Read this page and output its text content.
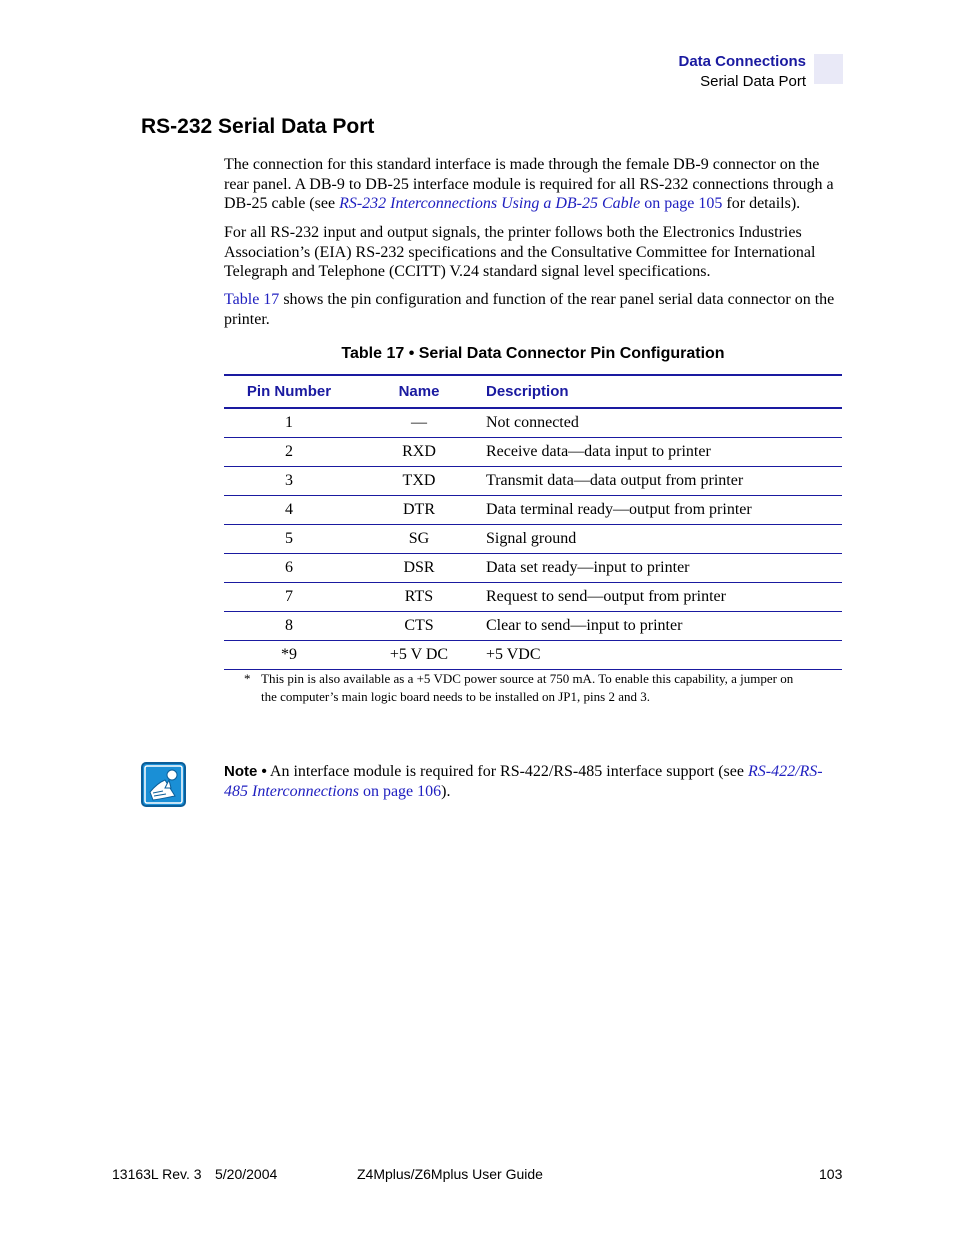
Data Connections
Serial Data Port
RS-232 Serial Data Port

The connection for this standard interface is made through the female DB-9 connector on the rear panel. A DB-9 to DB-25 interface module is required for all RS-232 connections through a DB-25 cable (see RS-232 Interconnections Using a DB-25 Cable on page 105 for details).

For all RS-232 input and output signals, the printer follows both the Electronics Industries Association’s (EIA) RS-232 specifications and the Consultative Committee for International Telegraph and Telephone (CCITT) V.24 standard signal level specifications.

Table 17 shows the pin configuration and function of the rear panel serial data connector on the printer.

Table 17 • Serial Data Connector Pin Configuration
Pin Number	Name	Description
1	—	Not connected
2	RXD	Receive data—data input to printer
3	TXD	Transmit data—data output from printer
4	DTR	Data terminal ready—output from printer
5	SG	Signal ground
6	DSR	Data set ready—input to printer
7	RTS	Request to send—output from printer
8	CTS	Clear to send—input to printer
*9	+5 V DC	+5 VDC
* This pin is also available as a +5 VDC power source at 750 mA. To enable this capability, a jumper on the computer’s main logic board needs to be installed on JP1, pins 2 and 3.
Note • An interface module is required for RS-422/RS-485 interface support (see RS-422/RS-485 Interconnections on page 106).
13163L Rev. 3 5/20/2004	Z4Mplus/Z6Mplus User Guide	103
